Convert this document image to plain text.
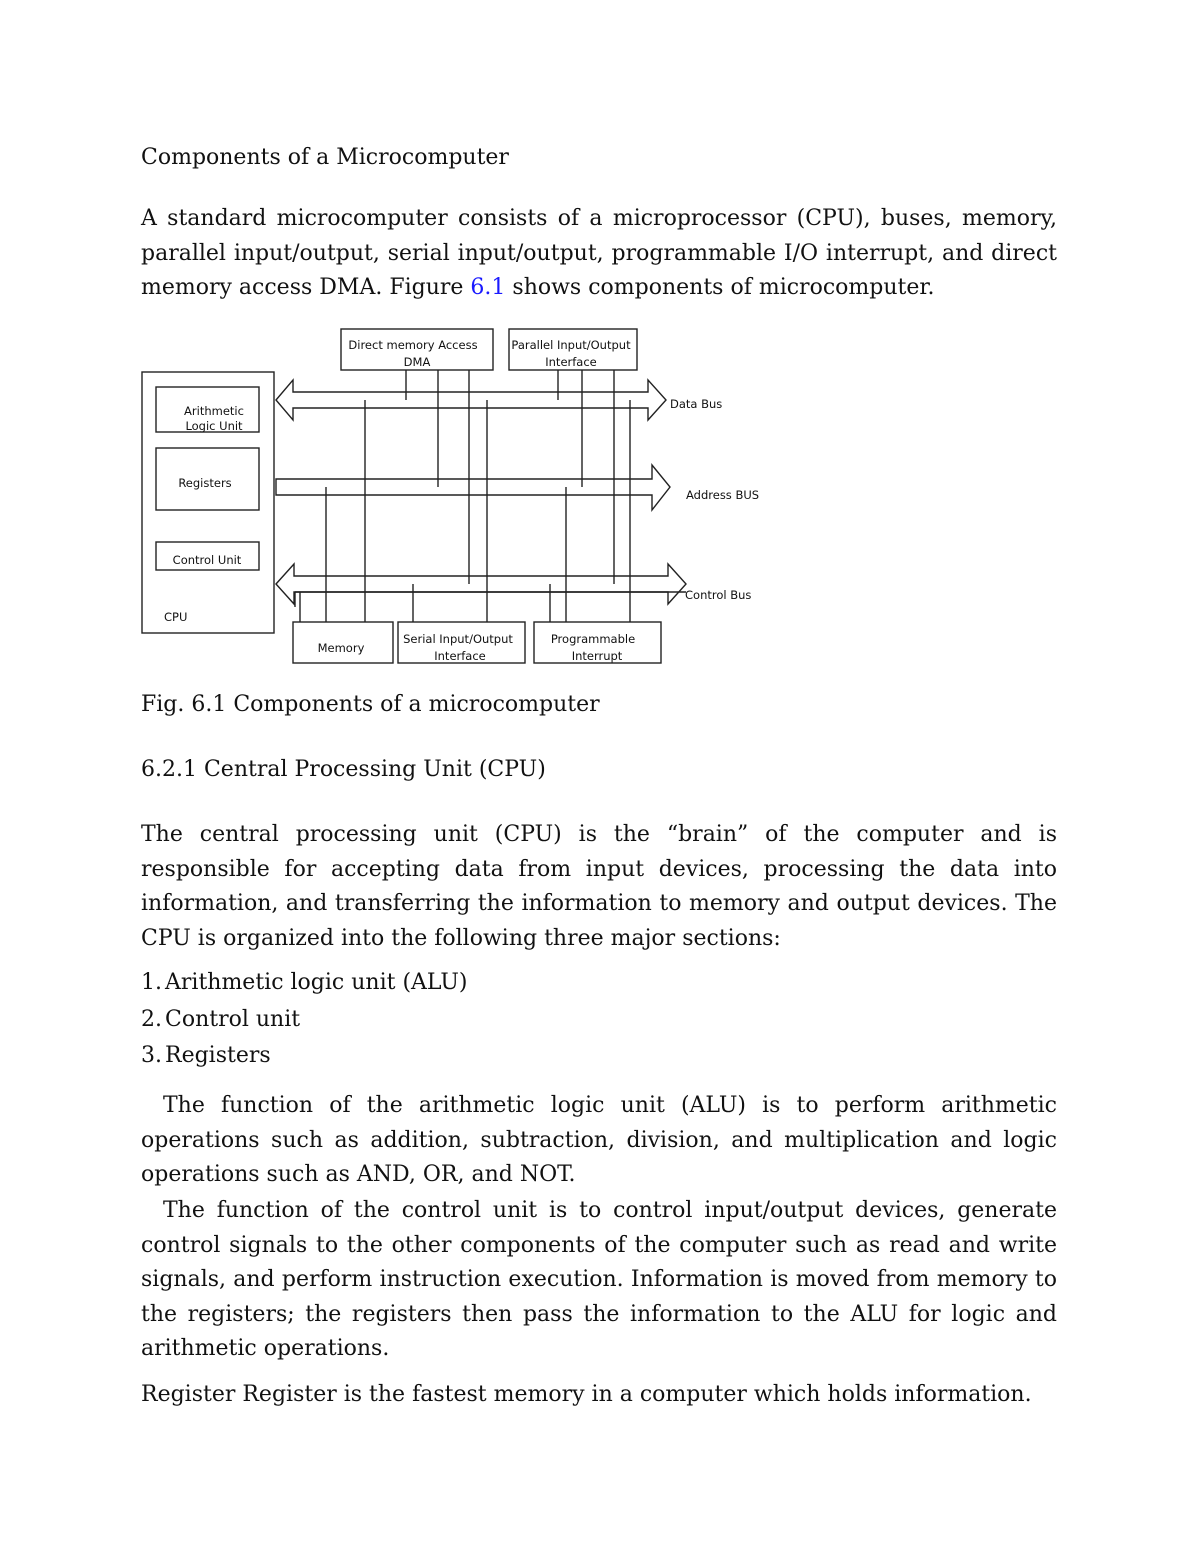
Components of a Microcomputer

A standard microcomputer consists of a microprocessor (CPU), buses, memory, parallel input/output, serial input/output, programmable I/O interrupt, and direct memory access DMA. Figure 6.1 shows components of microcomputer.

Direct memory Access
DMA
Parallel Input/Output
Interface
Arithmetic
Logic Unit
Registers
Control Unit
CPU
Data Bus
Address BUS
Control Bus
Memory
Serial Input/Output
Interface
Programmable
Interrupt

Fig. 6.1 Components of a microcomputer

6.2.1 Central Processing Unit (CPU)

The central processing unit (CPU) is the “brain” of the computer and is responsible for accepting data from input devices, processing the data into information, and transferring the information to memory and output devices. The CPU is organized into the following three major sections:

1. Arithmetic logic unit (ALU)

2. Control unit

3. Registers

The function of the arithmetic logic unit (ALU) is to perform arithmetic operations such as addition, subtraction, division, and multiplication and logic operations such as AND, OR, and NOT.

The function of the control unit is to control input/output devices, generate control signals to the other components of the computer such as read and write signals, and perform instruction execution. Information is moved from memory to the registers; the registers then pass the information to the ALU for logic and arithmetic operations.

Register Register is the fastest memory in a computer which holds information.
